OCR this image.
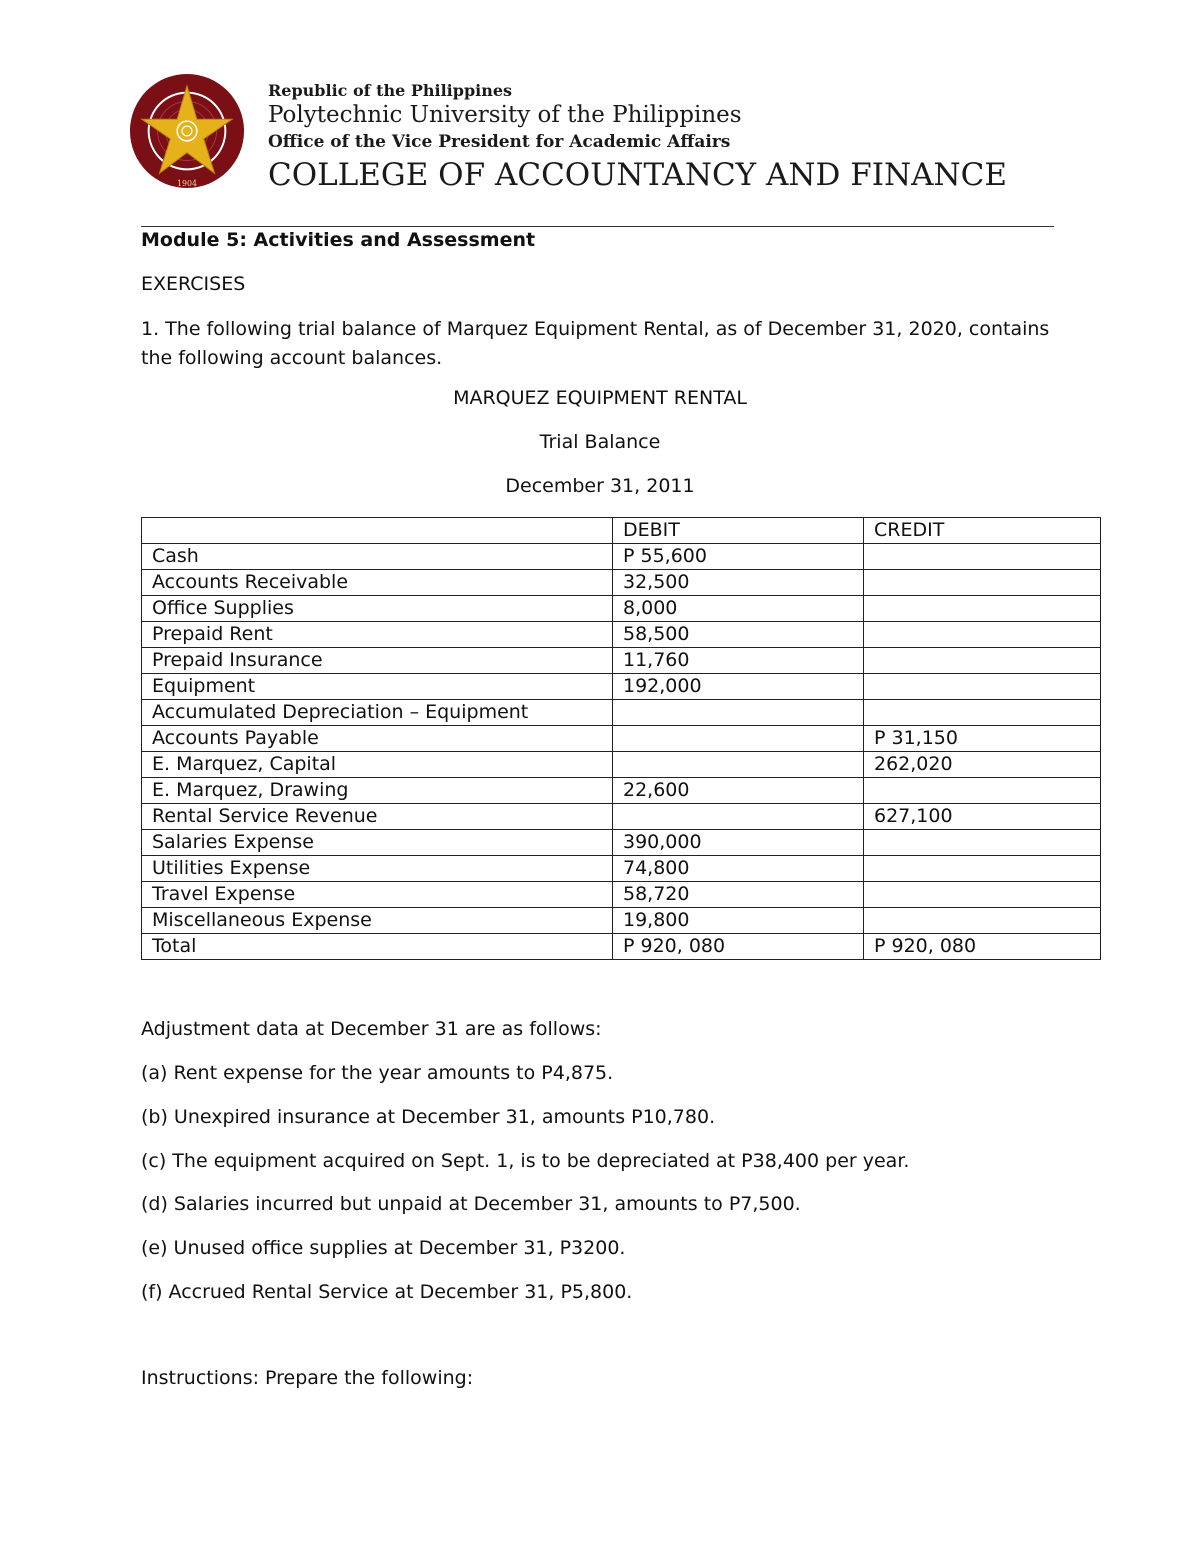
1904
Republic of the Philippines
Polytechnic University of the Philippines
Office of the Vice President for Academic Affairs
COLLEGE OF ACCOUNTANCY AND FINANCE
Module 5: Activities and Assessment
EXERCISES
1. The following trial balance of Marquez Equipment Rental, as of December 31, 2020, contains the following account balances.
MARQUEZ EQUIPMENT RENTAL
Trial Balance
December 31, 2011
	DEBIT	CREDIT
Cash	P 55,600	
Accounts Receivable	32,500	
Office Supplies	8,000	
Prepaid Rent	58,500	
Prepaid Insurance	11,760	
Equipment	192,000	
Accumulated Depreciation – Equipment		
Accounts Payable		P 31,150
E. Marquez, Capital		262,020
E. Marquez, Drawing	22,600	
Rental Service Revenue		627,100
Salaries Expense	390,000	
Utilities Expense	74,800	
Travel Expense	58,720	
Miscellaneous Expense	19,800	
Total	P 920, 080	P 920, 080
Adjustment data at December 31 are as follows:
(a) Rent expense for the year amounts to P4,875.
(b) Unexpired insurance at December 31, amounts P10,780.
(c) The equipment acquired on Sept. 1, is to be depreciated at P38,400 per year.
(d) Salaries incurred but unpaid at December 31, amounts to P7,500.
(e) Unused office supplies at December 31, P3200.
(f) Accrued Rental Service at December 31, P5,800.
Instructions: Prepare the following:
